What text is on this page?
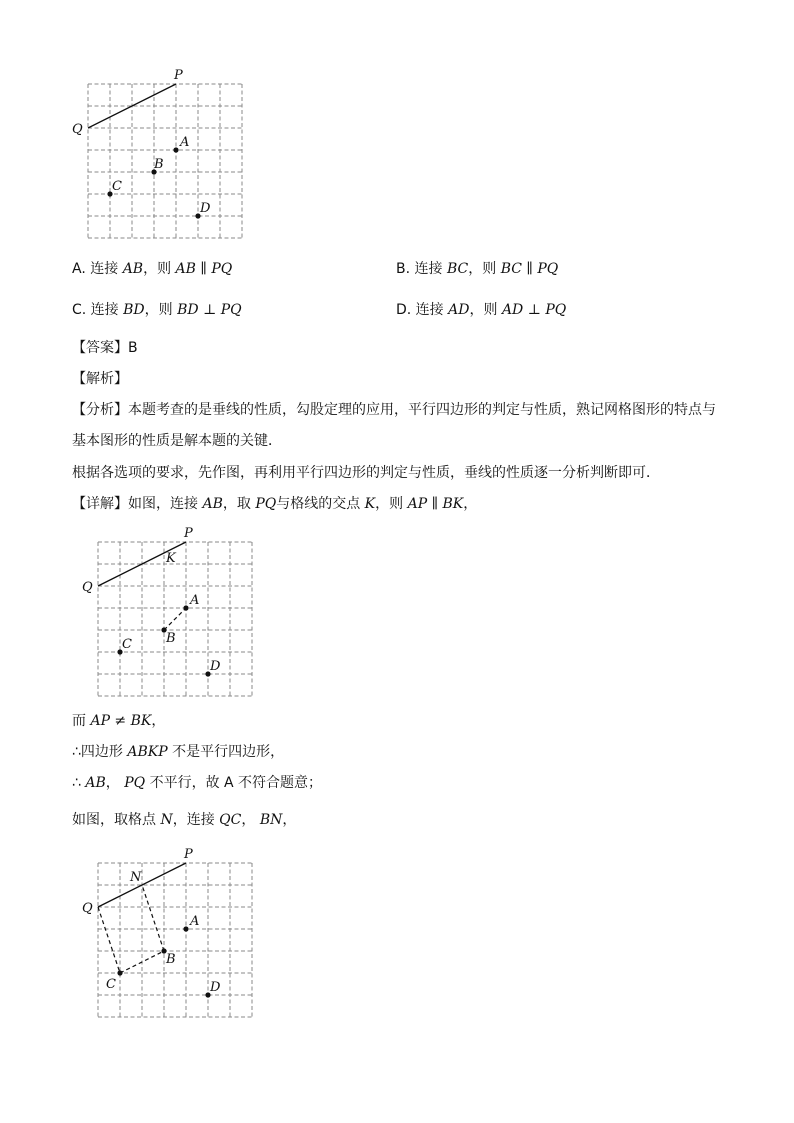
P
Q
A
B
C
D
A. 连接 AB，则 AB ∥ PQ	B. 连接 BC，则 BC ∥ PQ
C. 连接 BD，则 BD ⊥ PQ	D. 连接 AD，则 AD ⊥ PQ
【答案】B
【解析】
【分析】本题考查的是垂线的性质，勾股定理的应用，平行四边形的判定与性质，熟记网格图形的特点与
基本图形的性质是解本题的关键．
根据各选项的要求，先作图，再利用平行四边形的判定与性质，垂线的性质逐一分析判断即可．
【详解】如图，连接 AB，取 PQ与格线的交点 K，则 AP ∥ BK，
P
Q
K
A
B
C
D
而 AP ≠ BK，
∴四边形 ABKP 不是平行四边形，
∴ AB， PQ 不平行，故 A 不符合题意；
如图，取格点 N，连接 QC， BN，
P
Q
N
A
B
C	D
